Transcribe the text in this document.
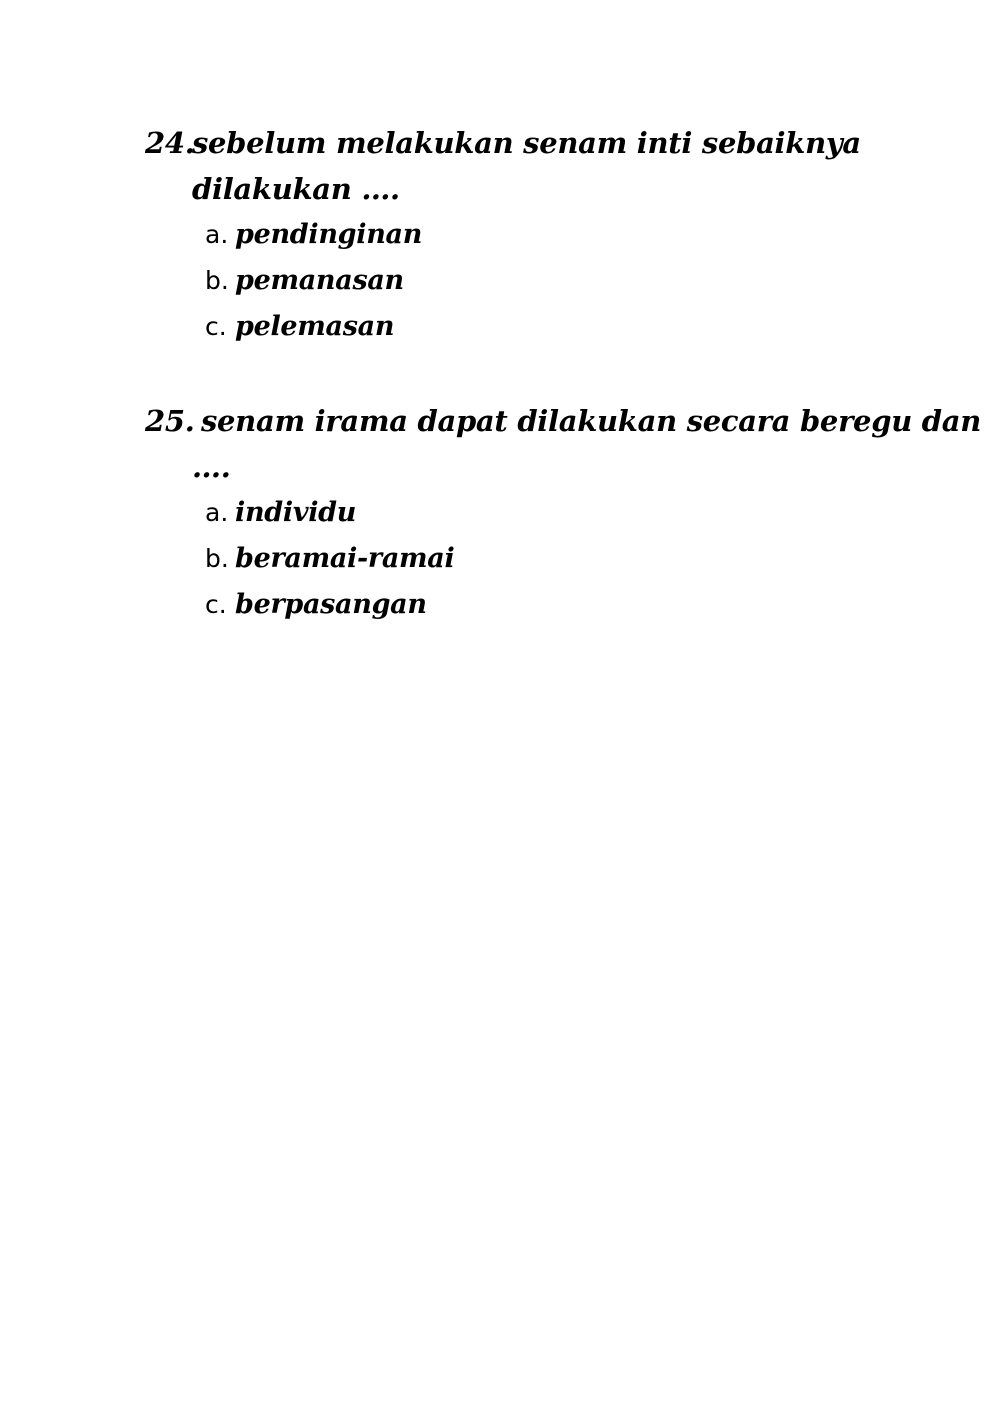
24.
sebelum melakukan senam inti sebaiknya
dilakukan ….
a. pendinginan
b. pemanasan
c. pelemasan
25. senam irama dapat dilakukan secara beregu dan
….
a. individu
b. beramai-ramai
c. berpasangan
